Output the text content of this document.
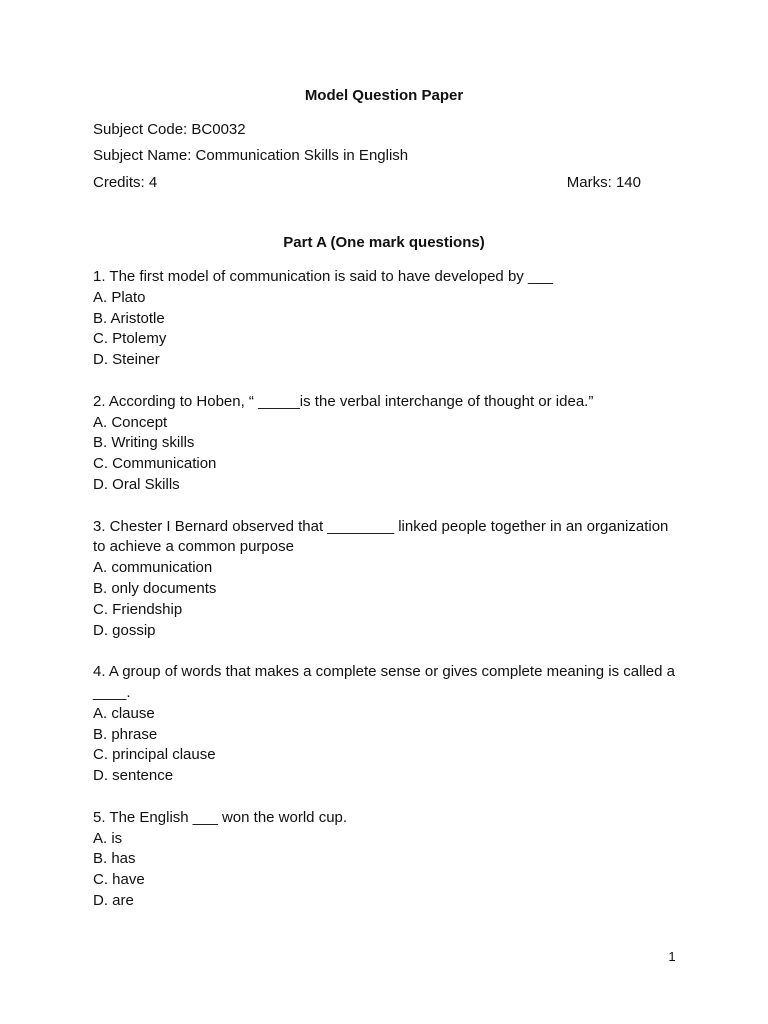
Model Question Paper
Subject Code: BC0032
Subject Name: Communication Skills in English
Credits: 4	Marks: 140
Part A (One mark questions)
1. The first model of communication is said to have developed by ___
A. Plato
B. Aristotle
C. Ptolemy
D. Steiner
2. According to Hoben, “ _____is the verbal interchange of thought or idea.”
A. Concept
B. Writing skills
C. Communication
D. Oral Skills
3. Chester I Bernard observed that ________ linked people together in an organization to achieve a common purpose
A. communication
B. only documents
C. Friendship
D. gossip
4. A group of words that makes a complete sense or gives complete meaning is called a ____.
A. clause
B. phrase
C. principal clause
D. sentence
5. The English ___ won the world cup.
A. is
B. has
C. have
D. are
1
